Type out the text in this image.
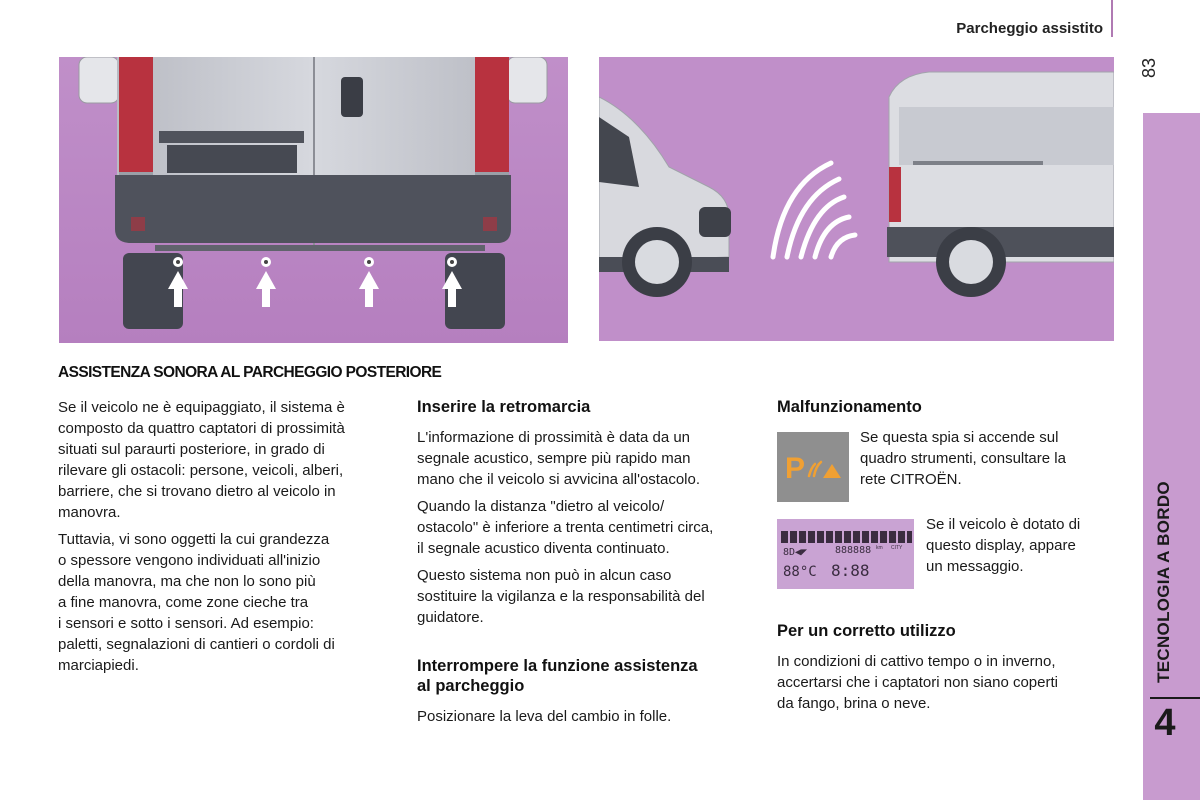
Parcheggio assistito
83
TECNOLOGIA A BORDO
4
ASSISTENZA SONORA AL PARCHEGGIO POSTERIORE

Se il veicolo ne è equipaggiato, il sistema è
composto da quattro captatori di prossimità
situati sul paraurti posteriore, in grado di
rilevare gli ostacoli: persone, veicoli, alberi,
barriere, che si trovano dietro al veicolo in
manovra.

Tuttavia, vi sono oggetti la cui grandezza
o spessore vengono individuati all'inizio
della manovra, ma che non lo sono più
a fine manovra, come zone cieche tra
i sensori e sotto i sensori. Ad esempio:
paletti, segnalazioni di cantieri o cordoli di
marciapiedi.

Inserire la retromarcia

L'informazione di prossimità è data da un
segnale acustico, sempre più rapido man
mano che il veicolo si avvicina all'ostacolo.

Quando la distanza "dietro al veicolo/
ostacolo" è inferiore a trenta centimetri circa,
il segnale acustico diventa continuato.

Questo sistema non può in alcun caso
sostituire la vigilanza e la responsabilità del
guidatore.

Interrompere la funzione assistenza
al parcheggio

Posizionare la leva del cambio in folle.

Malfunzionamento
P
Se questa spia si accende sul
quadro strumenti, consultare la
rete CITROËN.
8D◀◤	888888 km CITY
88°C 8:88
Se il veicolo è dotato di
questo display, appare
un messaggio.
Per un corretto utilizzo

In condizioni di cattivo tempo o in inverno,
accertarsi che i captatori non siano coperti
da fango, brina o neve.
